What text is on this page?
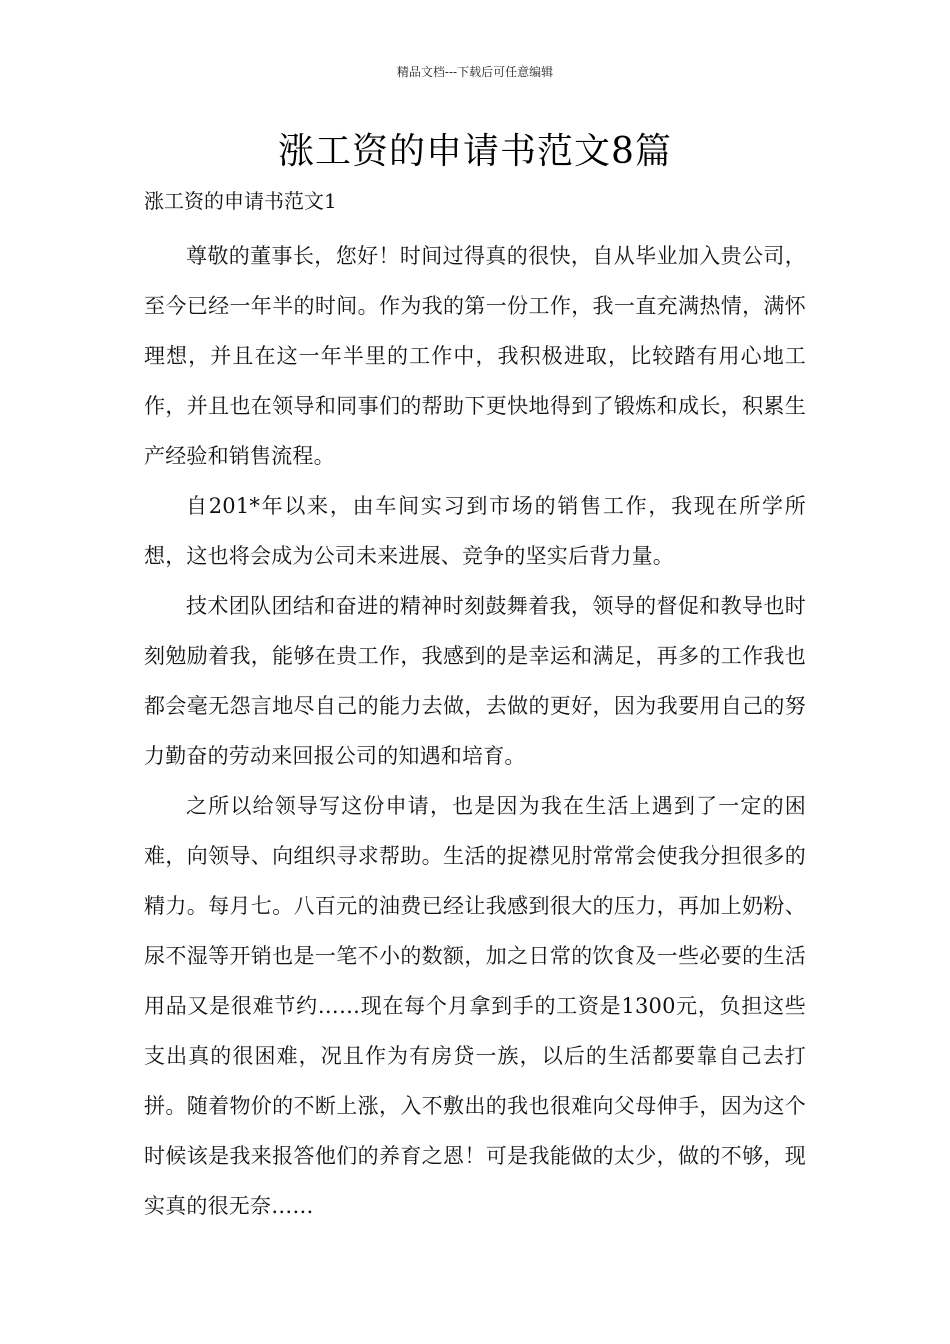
精品文档---下载后可任意编辑
涨工资的申请书范文8篇
涨工资的申请书范文1

尊敬的董事长，您好！时间过得真的很快，自从毕业加入贵公司，至今已经一年半的时间。作为我的第一份工作，我一直充满热情，满怀理想，并且在这一年半里的工作中，我积极进取，比较踏有用心地工作，并且也在领导和同事们的帮助下更快地得到了锻炼和成长，积累生产经验和销售流程。

自201*年以来，由车间实习到市场的销售工作，我现在所学所想，这也将会成为公司未来进展、竞争的坚实后背力量。

技术团队团结和奋进的精神时刻鼓舞着我，领导的督促和教导也时刻勉励着我，能够在贵工作，我感到的是幸运和满足，再多的工作我也都会毫无怨言地尽自己的能力去做，去做的更好，因为我要用自己的努力勤奋的劳动来回报公司的知遇和培育。

之所以给领导写这份申请，也是因为我在生活上遇到了一定的困难，向领导、向组织寻求帮助。生活的捉襟见肘常常会使我分担很多的精力。每月七。八百元的油费已经让我感到很大的压力，再加上奶粉、尿不湿等开销也是一笔不小的数额，加之日常的饮食及一些必要的生活用品又是很难节约……现在每个月拿到手的工资是1300元，负担这些支出真的很困难，况且作为有房贷一族，以后的生活都要靠自己去打拼。随着物价的不断上涨，入不敷出的我也很难向父母伸手，因为这个时候该是我来报答他们的养育之恩！可是我能做的太少，做的不够，现实真的很无奈……
